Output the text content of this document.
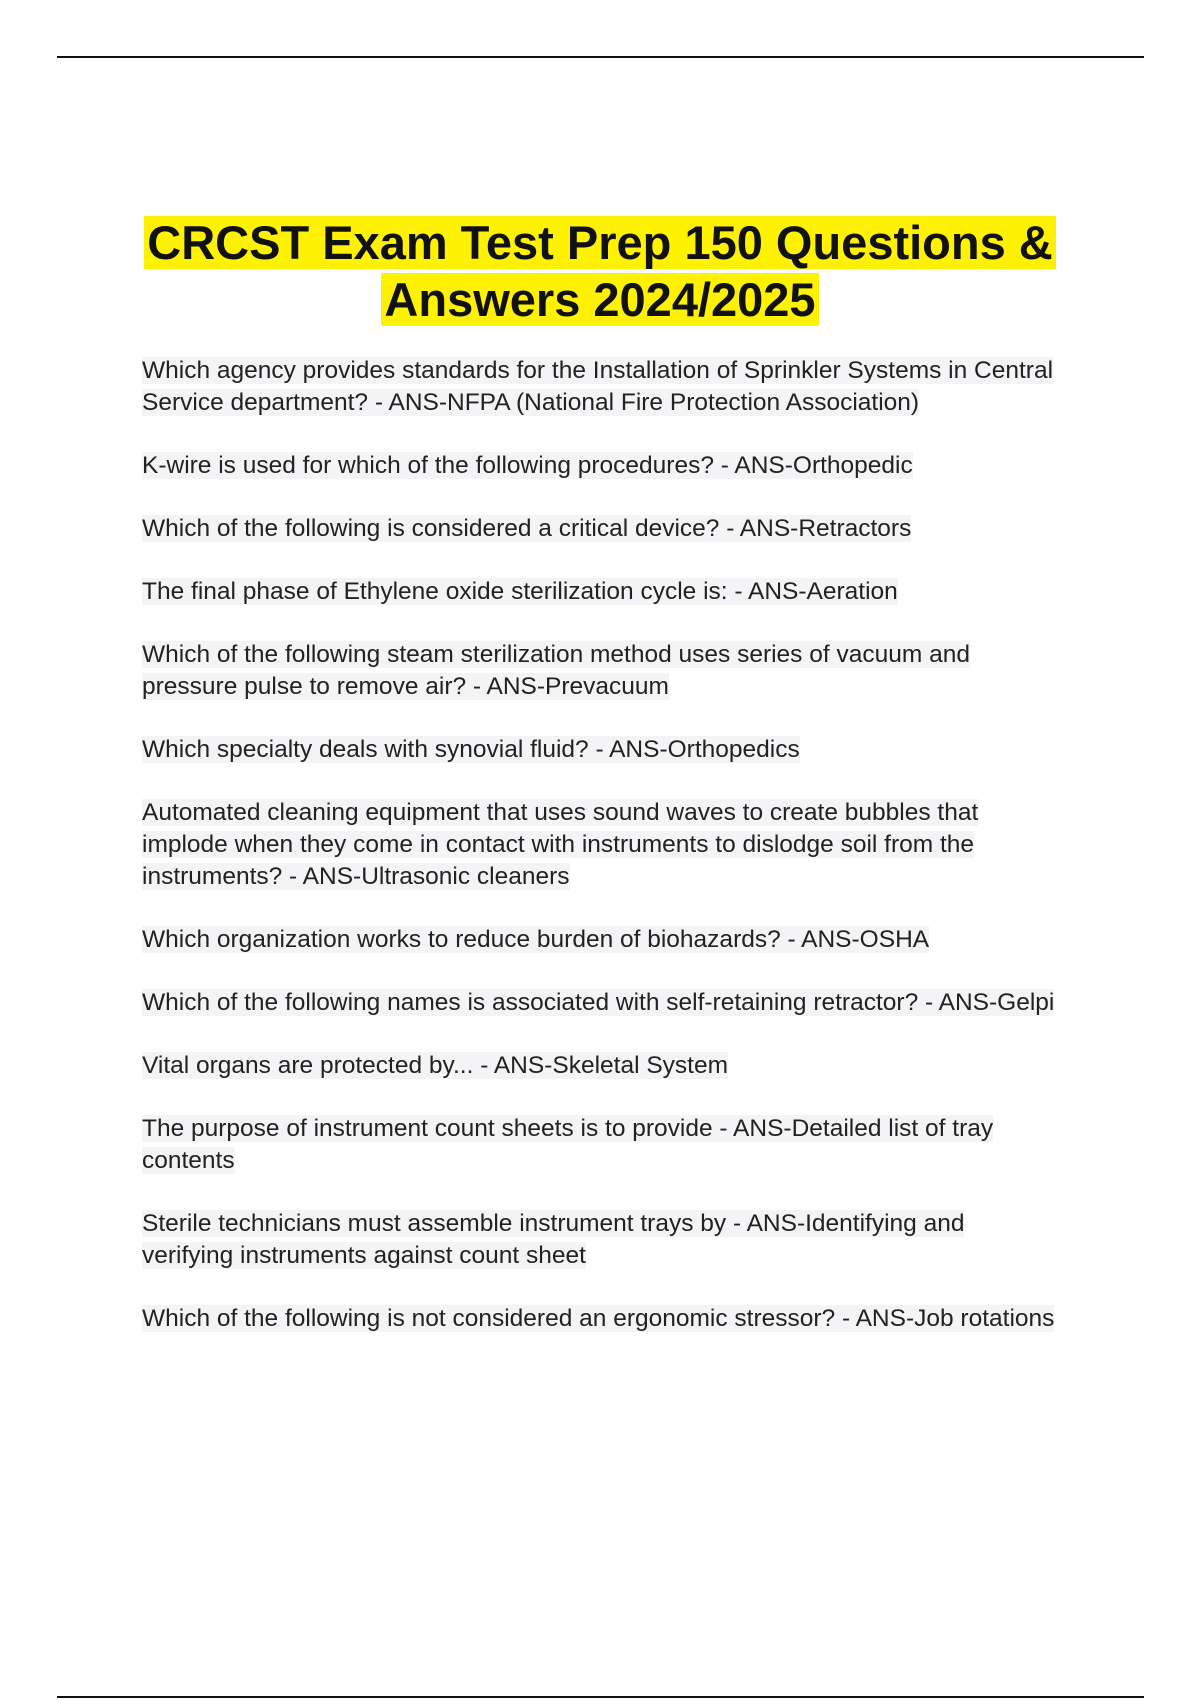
CRCST Exam Test Prep 150 Questions &
Answers 2024/2025
Which agency provides standards for the Installation of Sprinkler Systems in Central Service department? - ANS-NFPA (National Fire Protection Association)
K-wire is used for which of the following procedures? - ANS-Orthopedic
Which of the following is considered a critical device? - ANS-Retractors
The final phase of Ethylene oxide sterilization cycle is: - ANS-Aeration
Which of the following steam sterilization method uses series of vacuum and pressure pulse to remove air? - ANS-Prevacuum
Which specialty deals with synovial fluid? - ANS-Orthopedics
Automated cleaning equipment that uses sound waves to create bubbles that implode when they come in contact with instruments to dislodge soil from the instruments? - ANS-Ultrasonic cleaners
Which organization works to reduce burden of biohazards? - ANS-OSHA
Which of the following names is associated with self-retaining retractor? - ANS-Gelpi
Vital organs are protected by... - ANS-Skeletal System
The purpose of instrument count sheets is to provide - ANS-Detailed list of tray contents
Sterile technicians must assemble instrument trays by - ANS-Identifying and verifying instruments against count sheet
Which of the following is not considered an ergonomic stressor? - ANS-Job rotations
